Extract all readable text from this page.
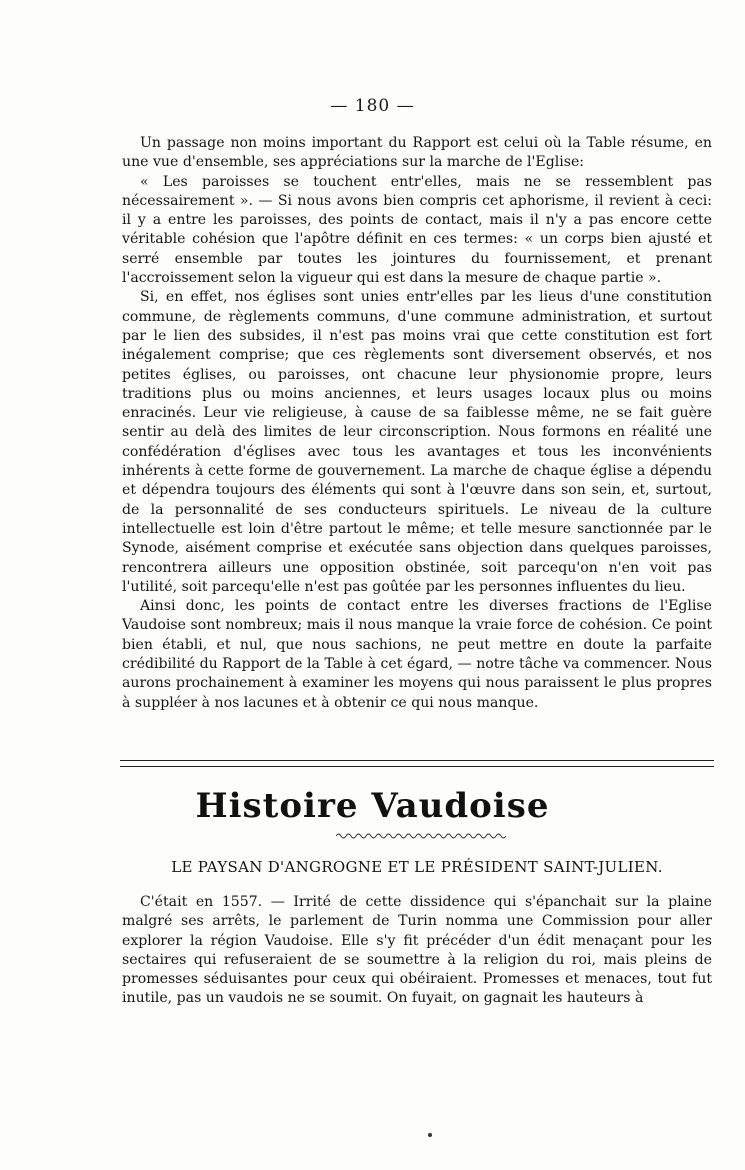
— 180 —

Un passage non moins important du Rapport est celui où la Table résume, en une vue d'ensemble, ses appréciations sur la marche de l'Eglise:

« Les paroisses se touchent entr'elles, mais ne se ressemblent pas nécessairement ». — Si nous avons bien compris cet aphorisme, il revient à ceci: il y a entre les paroisses, des points de contact, mais il n'y a pas encore cette véritable cohésion que l'apôtre définit en ces termes: « un corps bien ajusté et serré ensemble par toutes les jointures du fournissement, et prenant l'accroissement selon la vigueur qui est dans la mesure de chaque partie ».

Si, en effet, nos églises sont unies entr'elles par les lieus d'une constitution commune, de règlements communs, d'une commune administration, et surtout par le lien des subsides, il n'est pas moins vrai que cette constitution est fort inégalement comprise; que ces règlements sont diversement observés, et nos petites églises, ou paroisses, ont chacune leur physionomie propre, leurs traditions plus ou moins anciennes, et leurs usages locaux plus ou moins enracinés. Leur vie religieuse, à cause de sa faiblesse même, ne se fait guère sentir au delà des limites de leur circonscription. Nous formons en réalité une confédération d'églises avec tous les avantages et tous les inconvénients inhérents à cette forme de gouvernement. La marche de chaque église a dépendu et dépendra toujours des éléments qui sont à l'œuvre dans son sein, et, surtout, de la personnalité de ses conducteurs spirituels. Le niveau de la culture intellectuelle est loin d'être partout le même; et telle mesure sanctionnée par le Synode, aisément comprise et exécutée sans objection dans quelques paroisses, rencontrera ailleurs une opposition obstinée, soit parcequ'on n'en voit pas l'utilité, soit parcequ'elle n'est pas goûtée par les personnes influentes du lieu.

Ainsi donc, les points de contact entre les diverses fractions de l'Eglise Vaudoise sont nombreux; mais il nous manque la vraie force de cohésion. Ce point bien établi, et nul, que nous sachions, ne peut mettre en doute la parfaite crédibilité du Rapport de la Table à cet égard, — notre tâche va commencer. Nous aurons prochainement à examiner les moyens qui nous paraissent le plus propres à suppléer à nos lacunes et à obtenir ce qui nous manque.

Histoire Vaudoise
LE PAYSAN D'ANGROGNE ET LE PRÉSIDENT SAINT-JULIEN.

C'était en 1557. — Irrité de cette dissidence qui s'épanchait sur la plaine malgré ses arrêts, le parlement de Turin nomma une Commission pour aller explorer la région Vaudoise. Elle s'y fit précéder d'un édit menaçant pour les sectaires qui refuseraient de se soumettre à la religion du roi, mais pleins de promesses séduisantes pour ceux qui obéiraient. Promesses et menaces, tout fut inutile, pas un vaudois ne se soumit. On fuyait, on gagnait les hauteurs à
